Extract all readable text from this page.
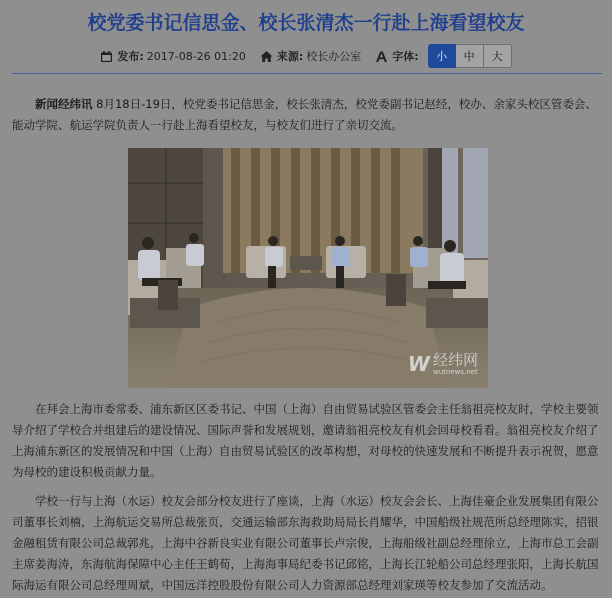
校党委书记信思金、校长张清杰一行赴上海看望校友
发布: 2017-08-26 01:20	来源: 校长办公室	字体:	小	中	大

新闻经纬讯 8月18日-19日，校党委书记信思金，校长张清杰，校党委副书记赵经，校办、余家头校区管委会、能动学院、航运学院负责人一行赴上海看望校友，与校友们进行了亲切交流。

W 经纬网
wutnews.net

在拜会上海市委常委、浦东新区区委书记、中国（上海）自由贸易试验区管委会主任翁祖亮校友时，学校主要领导介绍了学校合并组建后的建设情况、国际声誉和发展规划，邀请翁祖亮校友有机会回母校看看。翁祖亮校友介绍了上海浦东新区的发展情况和中国（上海）自由贸易试验区的改革构想，对母校的快速发展和不断提升表示祝贺，愿意为母校的建设积极贡献力量。

学校一行与上海（水运）校友会部分校友进行了座谈，上海（水运）校友会会长、上海佳豪企业发展集团有限公司董事长刘楠，上海航运交易所总裁张页，交通运输部东海救助局局长肖耀华，中国船级社规范所总经理陈实，招银金融租赁有限公司总裁郭兆，上海中谷新良实业有限公司董事长卢宗俊，上海船级社副总经理徐立，上海市总工会副主席姜海涛，东海航海保障中心主任王鹤荀，上海海事局纪委书记邱铭，上海长江轮船公司总经理张阳，上海长航国际海运有限公司总经理周斌，中国远洋控股股份有限公司人力资源部总经理刘家瑛等校友参加了交流活动。
